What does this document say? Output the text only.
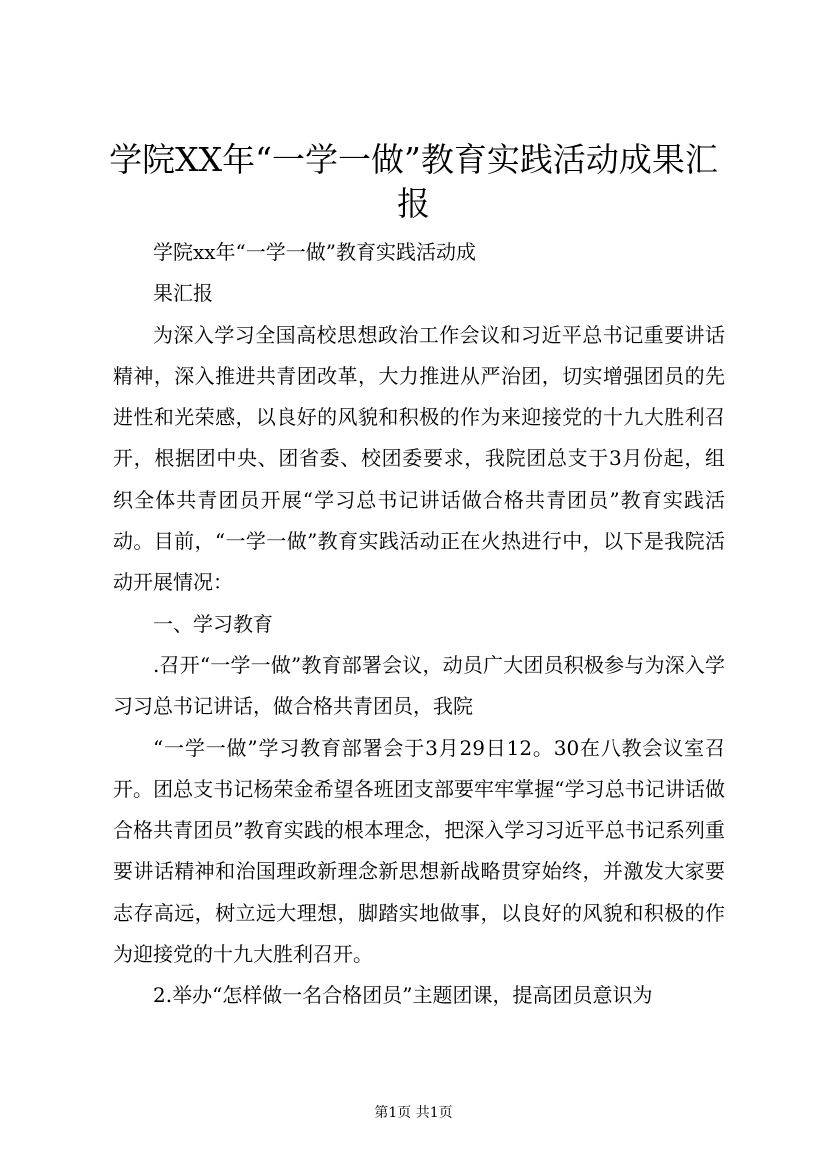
学院XX年“一学一做”教育实践活动成果汇报

学院xx年“一学一做”教育实践活动成

果汇报

为深入学习全国高校思想政治工作会议和习近平总书记重要讲话精神，深入推进共青团改革，大力推进从严治团，切实增强团员的先进性和光荣感，以良好的风貌和积极的作为来迎接党的十九大胜利召开，根据团中央、团省委、校团委要求，我院团总支于3月份起，组织全体共青团员开展“学习总书记讲话做合格共青团员”教育实践活动。目前，“一学一做”教育实践活动正在火热进行中，以下是我院活动开展情况：

一、学习教育

.召开“一学一做”教育部署会议，动员广大团员积极参与为深入学习习总书记讲话，做合格共青团员，我院

“一学一做”学习教育部署会于3月29日12。30在八教会议室召开。团总支书记杨荣金希望各班团支部要牢牢掌握“学习总书记讲话做合格共青团员”教育实践的根本理念，把深入学习习近平总书记系列重要讲话精神和治国理政新理念新思想新战略贯穿始终，并激发大家要志存高远，树立远大理想，脚踏实地做事，以良好的风貌和积极的作为迎接党的十九大胜利召开。

2.举办“怎样做一名合格团员”主题团课，提高团员意识为

第1页 共1页
